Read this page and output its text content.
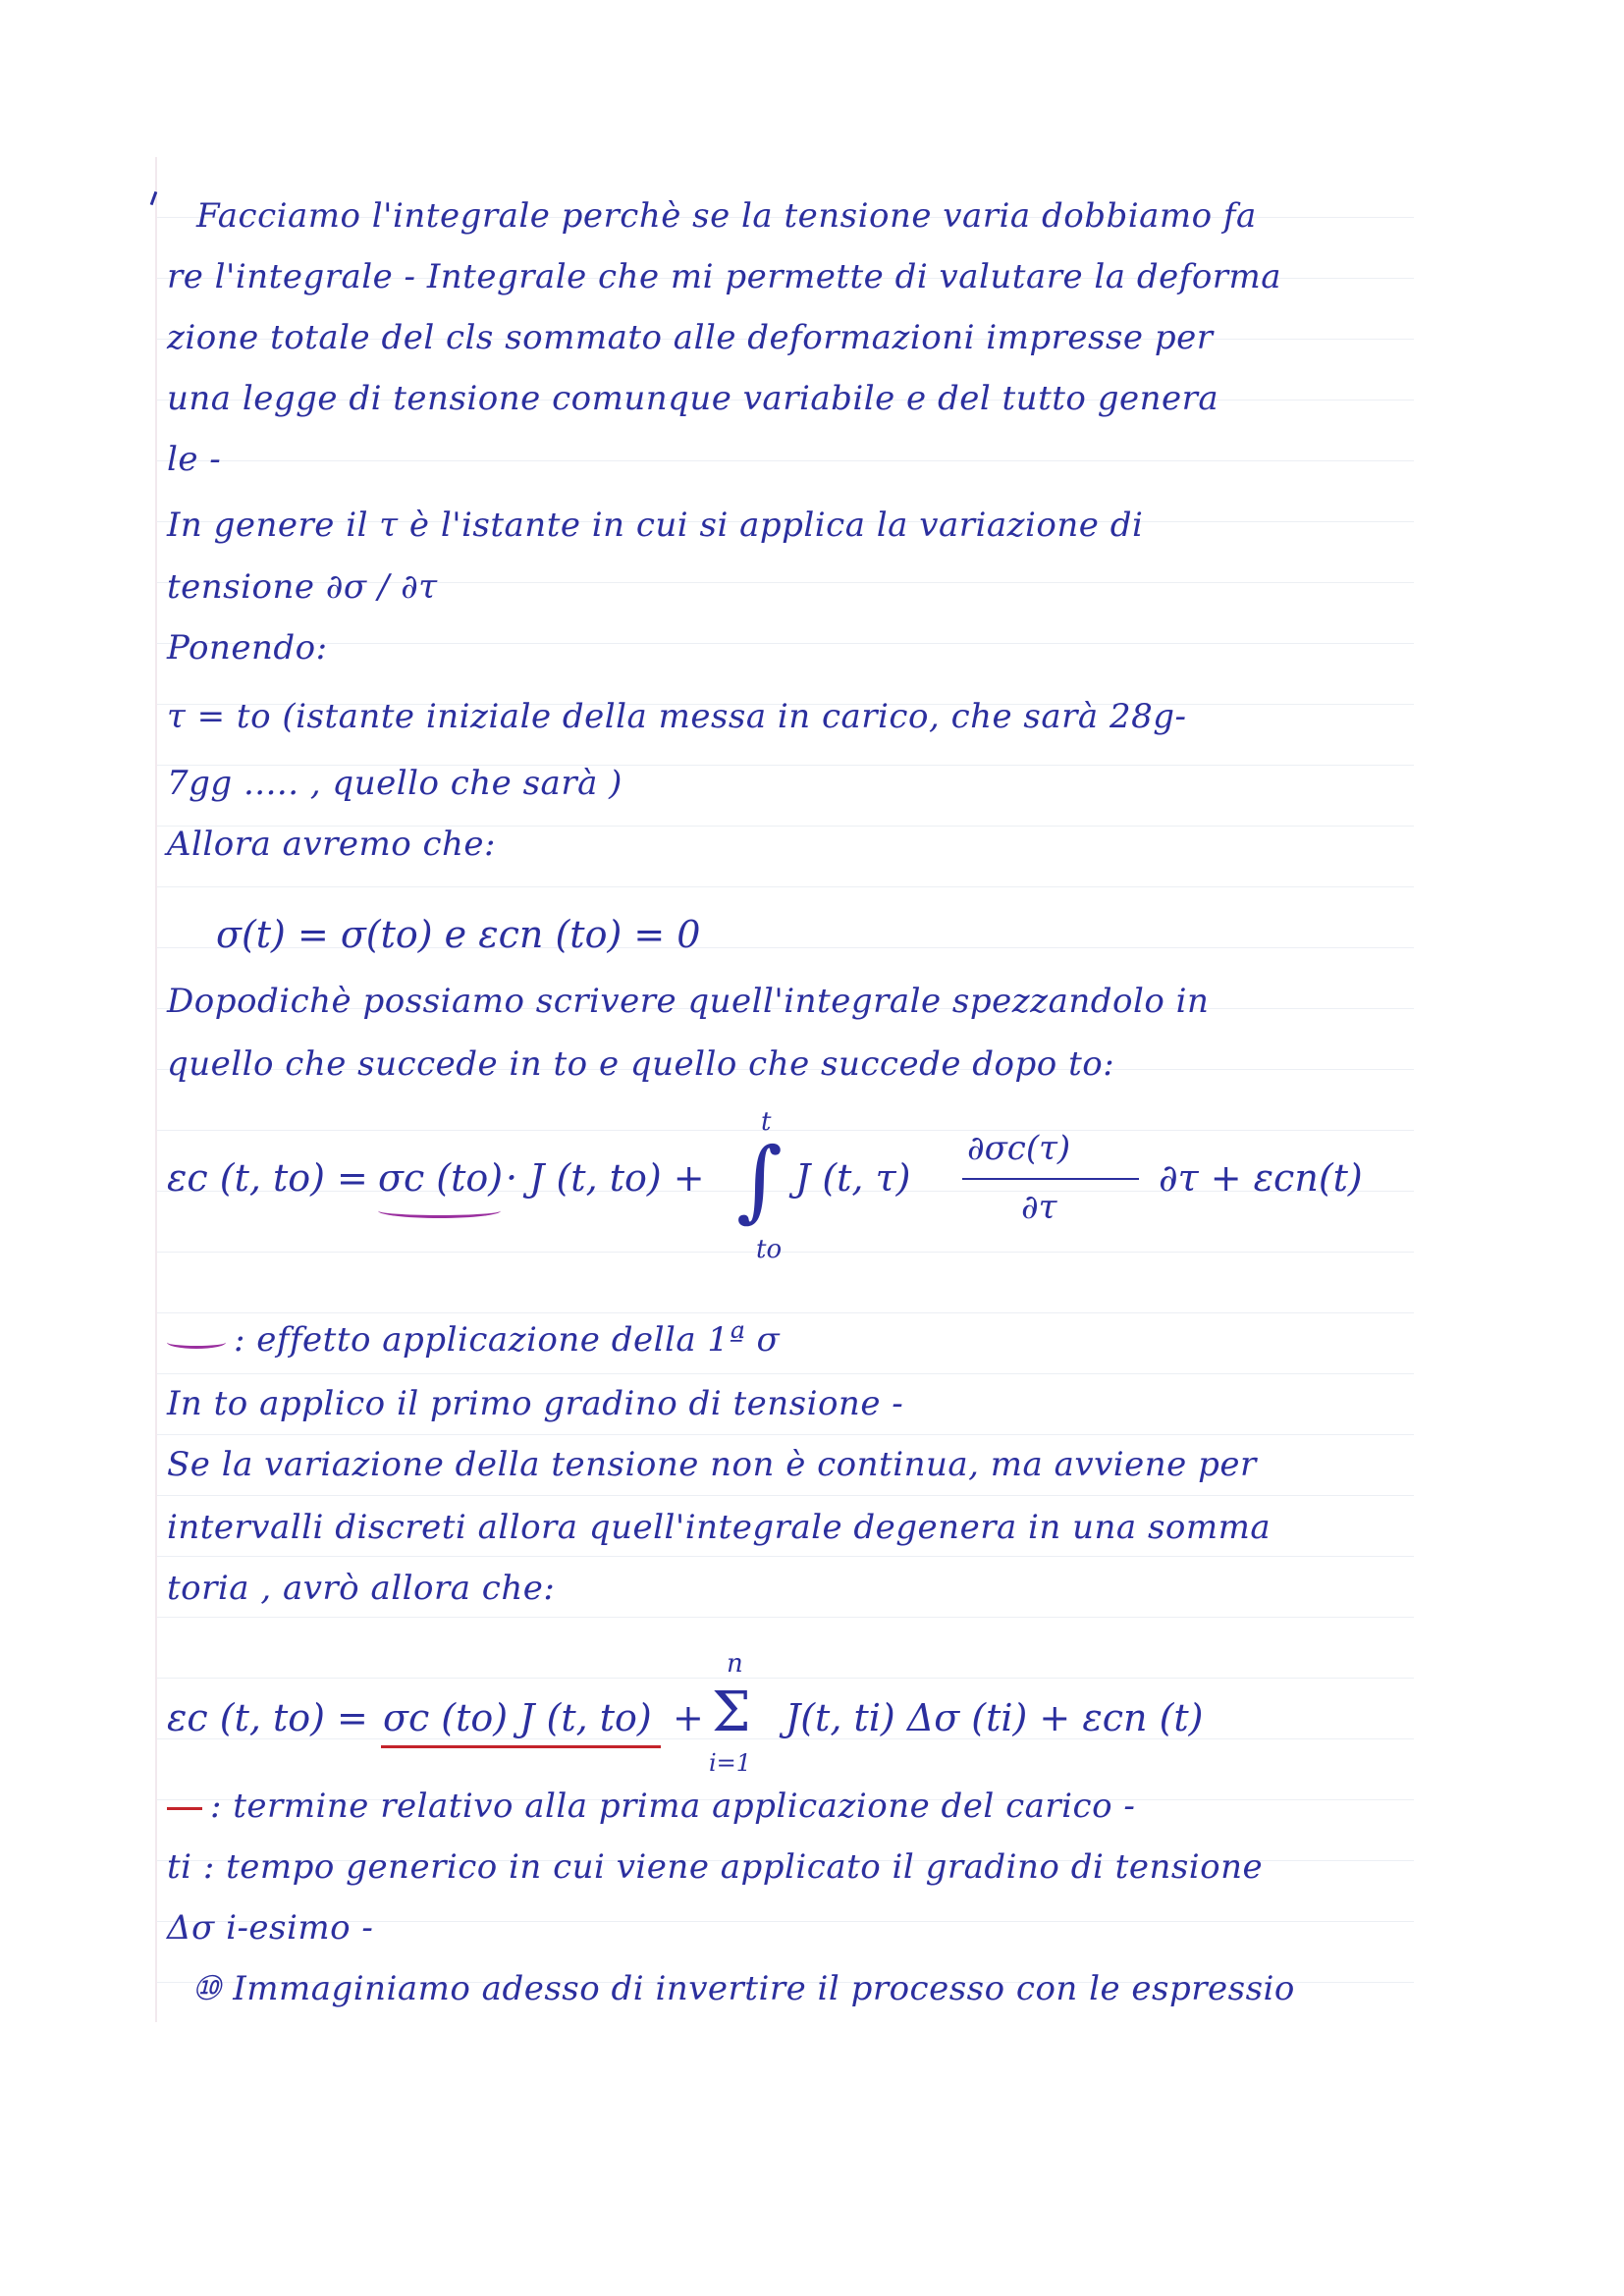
Facciamo l'integrale perchè se la tensione varia dobbiamo fa
re l'integrale - Integrale che mi permette di valutare la deforma
zione totale del cls sommato alle deformazioni impresse per
una legge di tensione comunque variabile e del tutto genera
le -
In genere il τ è l'istante in cui si applica la variazione di
tensione ∂σ / ∂τ
Ponendo:
τ = to (istante iniziale della messa in carico, che sarà 28g-
7gg ..... , quello che sarà )
Allora avremo che:
σ(t) = σ(to) e εcn (to) = 0
Dopodichè possiamo scrivere quell'integrale spezzandolo in
quello che succede in to e quello che succede dopo to:
εc (t, to) = σc (to) · J (t, to) +
t
∫
to
J (t, τ)
∂σc(τ)
∂τ
∂τ + εcn(t)
: effetto applicazione della 1ª σ
In to applico il primo gradino di tensione -
Se la variazione della tensione non è continua, ma avviene per
intervalli discreti allora quell'integrale degenera in una somma
toria , avrò allora che:
εc (t, to) = σc (to) J (t, to) +
n
Σ
i=1
J(t, ti) Δσ (ti) + εcn (t)
: termine relativo alla prima applicazione del carico -
ti : tempo generico in cui viene applicato il gradino di tensione
Δσ i-esimo -
⑩ Immaginiamo adesso di invertire il processo con le espressio
